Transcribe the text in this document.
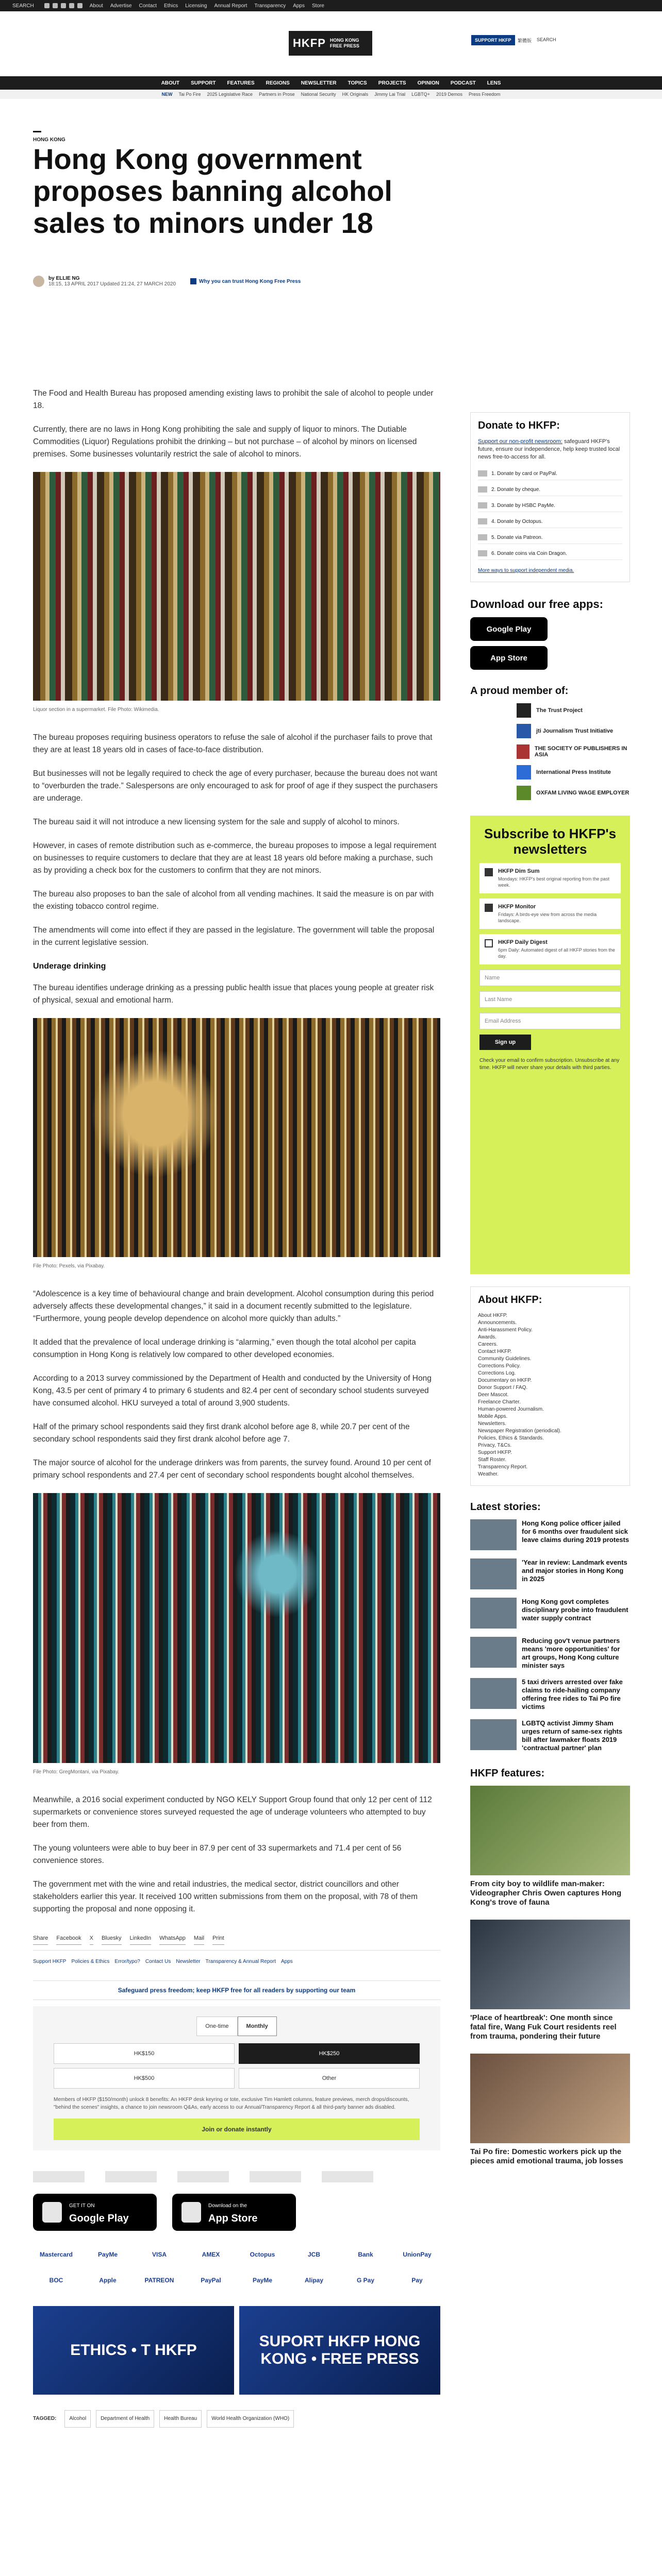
SEARCH	About Advertise Contact Ethics Licensing Annual Report Transparency Apps Store
HKFP HONG KONG FREE PRESS
SUPPORT HKFP	繁體版 SEARCH
ABOUT SUPPORT FEATURES REGIONS NEWSLETTER TOPICS PROJECTS OPINION PODCAST LENS
NEW Tai Po Fire 2025 Legislative Race Partners in Prose National Security HK Originals Jimmy Lai Trial LGBTQ+ 2019 Demos Press Freedom
HONG KONG
Hong Kong government proposes banning alcohol sales to minors under 18
by ELLIE NG
18:15, 13 APRIL 2017 Updated 21:24, 27 MARCH 2020	Why you can trust Hong Kong Free Press

The Food and Health Bureau has proposed amending existing laws to prohibit the sale of alcohol to people under 18.

Currently, there are no laws in Hong Kong prohibiting the sale and supply of liquor to minors. The Dutiable Commodities (Liquor) Regulations prohibit the drinking – but not purchase – of alcohol by minors on licensed premises. Some businesses voluntarily restrict the sale of alcohol to minors.

Liquor section in a supermarket. File Photo: Wikimedia.

The bureau proposes requiring business operators to refuse the sale of alcohol if the purchaser fails to prove that they are at least 18 years old in cases of face-to-face distribution.

But businesses will not be legally required to check the age of every purchaser, because the bureau does not want to “overburden the trade.” Salespersons are only encouraged to ask for proof of age if they suspect the purchasers are underage.

The bureau said it will not introduce a new licensing system for the sale and supply of alcohol to minors.

However, in cases of remote distribution such as e-commerce, the bureau proposes to impose a legal requirement on businesses to require customers to declare that they are at least 18 years old before making a purchase, such as by providing a check box for the customers to confirm that they are not minors.

The bureau also proposes to ban the sale of alcohol from all vending machines. It said the measure is on par with the existing tobacco control regime.

The amendments will come into effect if they are passed in the legislature. The government will table the proposal in the current legislative session.

Underage drinking

The bureau identifies underage drinking as a pressing public health issue that places young people at greater risk of physical, sexual and emotional harm.

File Photo: Pexels, via Pixabay.

“Adolescence is a key time of behavioural change and brain development. Alcohol consumption during this period adversely affects these developmental changes,” it said in a document recently submitted to the legislature. “Furthermore, young people develop dependence on alcohol more quickly than adults.”

It added that the prevalence of local underage drinking is “alarming,” even though the total alcohol per capita consumption in Hong Kong is relatively low compared to other developed economies.

According to a 2013 survey commissioned by the Department of Health and conducted by the University of Hong Kong, 43.5 per cent of primary 4 to primary 6 students and 82.4 per cent of secondary school students surveyed have consumed alcohol. HKU surveyed a total of around 3,900 students.

Half of the primary school respondents said they first drank alcohol before age 8, while 20.7 per cent of the secondary school respondents said they first drank alcohol before age 7.

The major source of alcohol for the underage drinkers was from parents, the survey found. Around 10 per cent of primary school respondents and 27.4 per cent of secondary school respondents bought alcohol themselves.

File Photo: GregMontani, via Pixabay.

Meanwhile, a 2016 social experiment conducted by NGO KELY Support Group found that only 12 per cent of 112 supermarkets or convenience stores surveyed requested the age of underage volunteers who attempted to buy beer from them.

The young volunteers were able to buy beer in 87.9 per cent of 33 supermarkets and 71.4 per cent of 56 convenience stores.

The government met with the wine and retail industries, the medical sector, district councillors and other stakeholders earlier this year. It received 100 written submissions from them on the proposal, with 78 of them supporting the proposal and none opposing it.

Share Facebook X Bluesky LinkedIn WhatsApp Mail Print
Support HKFP Policies & Ethics Error/typo? Contact Us Newsletter Transparency & Annual Report Apps
Safeguard press freedom; keep HKFP free for all readers by supporting our team
One-time	Monthly
HK$150	HK$250
HK$500	Other
Members of HKFP ($150/month) unlock 8 benefits: An HKFP desk keyring or tote, exclusive Tim Hamlett columns, feature previews, merch drops/discounts, "behind the scenes" insights, a chance to join newsroom Q&As, early access to our Annual/Transparency Report & all third-party banner ads disabled.
Join or donate instantly
GET IT ON
Google Play
Download on the
App Store
Mastercard	PayMe	VISA	AMEX	Octopus	JCB	Bank	UnionPay
BOC	Apple	PATREON	PayPal	PayMe	Alipay	G Pay	Pay
ETHICS • T HKFP
SUPORT HKFP HONG KONG • FREE PRESS
TAGGED:	Alcohol	Department of Health	Health Bureau	World Health Organization (WHO)
Donate to HKFP:

Support our non-profit newsroom: safeguard HKFP's future, ensure our independence, help keep trusted local news free-to-access for all.

1. Donate by card or PayPal.
2. Donate by cheque.
3. Donate by HSBC PayMe.
4. Donate by Octopus.
5. Donate via Patreon.
6. Donate coins via Coin Dragon.
More ways to support independent media.
Download our free apps:
Google Play
App Store
A proud member of:
The Trust Project
jti Journalism Trust Initiative
THE SOCIETY OF PUBLISHERS IN ASIA
International Press Institute
OXFAM LIVING WAGE EMPLOYER
Subscribe to HKFP's newsletters
HKFP Dim Sum
Mondays: HKFP's best original reporting from the past week.
HKFP Monitor
Fridays: A birds-eye view from across the media landscape.
HKFP Daily Digest
6pm Daily: Automated digest of all HKFP stories from the day.
Name
Last Name
Email Address
Sign up
Check your email to confirm subscription. Unsubscribe at any time. HKFP will never share your details with third parties.
About HKFP:
About HKFP.
Announcements.
Anti-Harassment Policy.
Awards.
Careers.
Contact HKFP.
Community Guidelines.
Corrections Policy.
Corrections Log.
Documentary on HKFP.
Donor Support / FAQ.
Deer Mascot.
Freelance Charter.
Human-powered Journalism.
Mobile Apps.
Newsletters.
Newspaper Registration (periodical).
Policies, Ethics & Standards.
Privacy, T&Cs.
Support HKFP.
Staff Roster.
Transparency Report.
Weather.
Latest stories:
Hong Kong police officer jailed for 6 months over fraudulent sick leave claims during 2019 protests
'Year in review: Landmark events and major stories in Hong Kong in 2025
Hong Kong govt completes disciplinary probe into fraudulent water supply contract
Reducing gov't venue partners means 'more opportunities' for art groups, Hong Kong culture minister says
5 taxi drivers arrested over fake claims to ride-hailing company offering free rides to Tai Po fire victims
LGBTQ activist Jimmy Sham urges return of same-sex rights bill after lawmaker floats 2019 'contractual partner' plan
HKFP features:
From city boy to wildlife man-maker: Videographer Chris Owen captures Hong Kong's trove of fauna
'Place of heartbreak': One month since fatal fire, Wang Fuk Court residents reel from trauma, pondering their future
Tai Po fire: Domestic workers pick up the pieces amid emotional trauma, job losses
